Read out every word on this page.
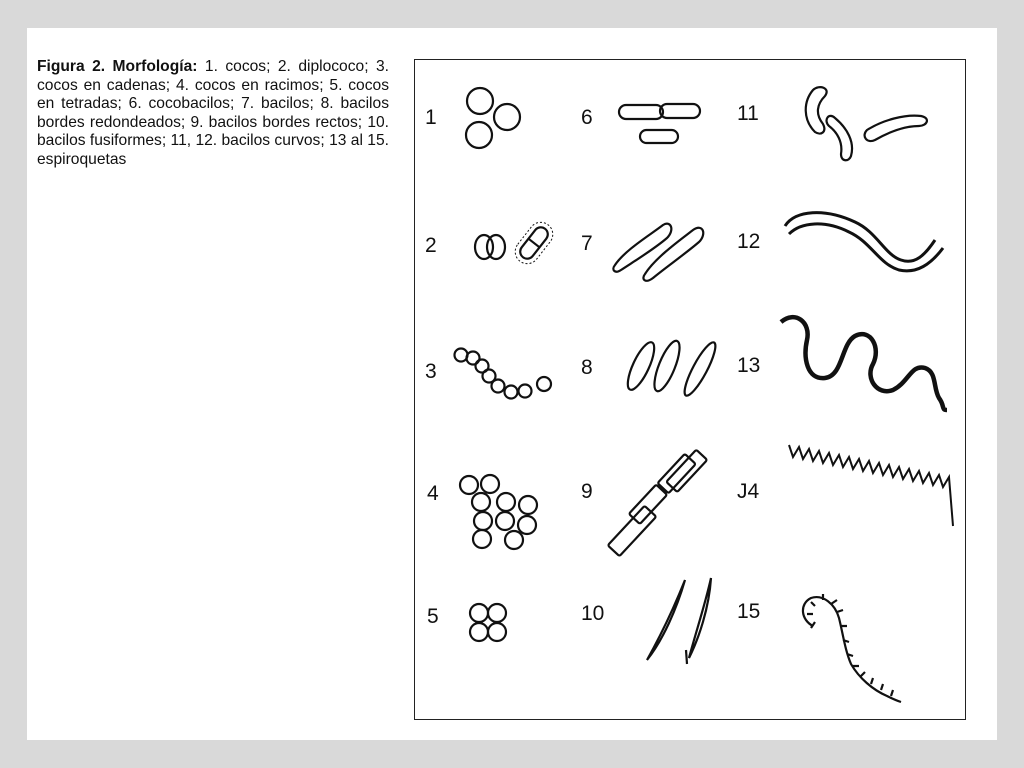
Figura 2. Morfología: 1. cocos; 2. diplococo; 3. cocos en cadenas; 4. cocos en racimos; 5. cocos en tetradas; 6. cocobacilos; 7. bacilos; 8. bacilos bordes redondeados; 9. bacilos bordes rectos; 10. bacilos fusiformes; 11, 12. bacilos curvos; 13 al 15. espiroquetas
1
2
3
4
5
6
7
8
9
10
11
12
13
J4
15
